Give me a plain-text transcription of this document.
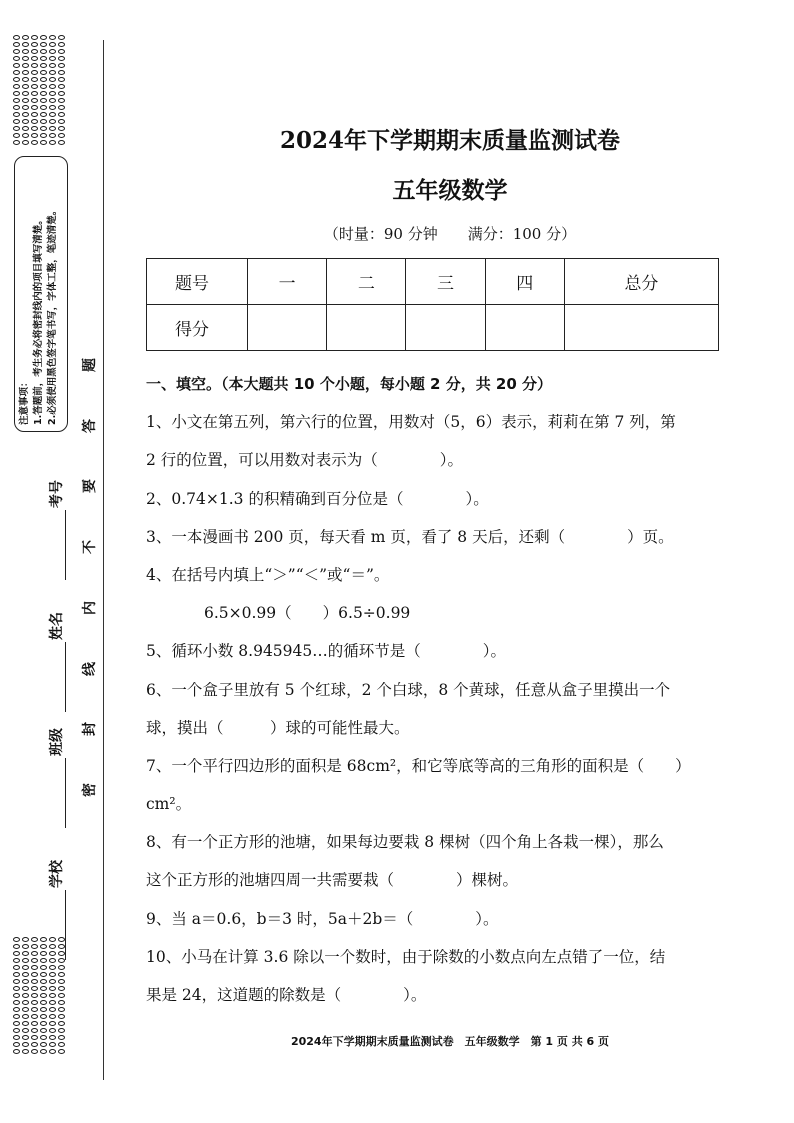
注意事项： 1.答题前，考生务必将密封线内的项目填写清楚。 2.必须使用黑色签字笔书写，字体工整，笔迹清楚。
考号
姓名
班级
学校
密
封
线
内
不
要
答
题
2024年下学期期末质量监测试卷
五年级数学
（时量：90 分钟　　满分：100 分）
题号	一	二	三	四	总分
得分					

一、填空。（本大题共 10 个小题，每小题 2 分，共 20 分）

1、小文在第五列，第六行的位置，用数对（5，6）表示，莉莉在第 7 列，第

2 行的位置，可以用数对表示为（　　　　）。

2、0.74×1.3 的积精确到百分位是（　　　　）。

3、一本漫画书 200 页，每天看 m 页，看了 8 天后，还剩（　　　　）页。

4、在括号内填上“＞”“＜”或“＝”。

6.5×0.99（　　）6.5÷0.99

5、循环小数 8.945945…的循环节是（　　　　）。

6、一个盒子里放有 5 个红球，2 个白球，8 个黄球，任意从盒子里摸出一个

球，摸出（　　　）球的可能性最大。

7、一个平行四边形的面积是 68cm²，和它等底等高的三角形的面积是（　　）

cm²。

8、有一个正方形的池塘，如果每边要栽 8 棵树（四个角上各栽一棵），那么

这个正方形的池塘四周一共需要栽（　　　　）棵树。

9、当 a＝0.6，b＝3 时，5a＋2b＝（　　　　）。

10、小马在计算 3.6 除以一个数时，由于除数的小数点向左点错了一位，结

果是 24，这道题的除数是（　　　　）。

2024年下学期期末质量监测试卷　五年级数学　第 1 页 共 6 页
